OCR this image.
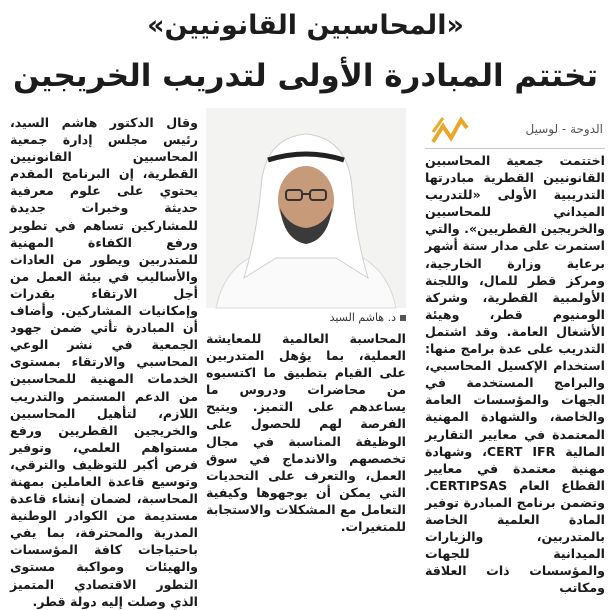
«المحاسبين القانونيين»
تختتم المبادرة الأولى لتدريب الخريجين
الدوحة - لوسيل

اختتمت جمعية المحاسبين القانونيين القطرية مبادرتها التدريبية الأولى «للتدريب الميداني للمحاسبين والخريجين القطريين». والتي استمرت على مدار ستة أشهر برعاية وزارة الخارجية، ومركز قطر للمال، واللجنة الأولمبية القطرية، وشركة الومنيوم قطر، وهيئة الأشغال العامة. وقد اشتمل التدريب على عدة برامج منها: استخدام الإكسيل المحاسبي، والبرامج المستخدمة في الجهات والمؤسسات العامة والخاصة، والشهادة المهنية المعتمدة في معايير التقارير المالية CERT IFR، وشهادة مهنية معتمدة في معايير القطاع العام CERTIPSAS. وتضمن برنامج المبادرة توفير المادة العلمية الخاصة بالمتدربين، والزيارات الميدانية للجهات والمؤسسات ذات العلاقة ومكاتب

د. هاشم السيد

المحاسبة العالمية للمعايشة العملية، بما يؤهل المتدربين على القيام بتطبيق ما اكتسبوه من محاضرات ودروس ما يساعدهم على التميز. ويتيح الفرصة لهم للحصول على الوظيفة المناسبة في مجال تخصصهم والاندماج في سوق العمل، والتعرف على التحديات التي يمكن أن يوجهوها وكيفية التعامل مع المشكلات والاستجابة للمتغيرات.

وقال الدكتور هاشم السيد، رئيس مجلس إدارة جمعية المحاسبين القانونيين القطرية، إن البرنامج المقدم يحتوي على علوم معرفية حديثة وخبرات جديدة للمشاركين تساهم في تطوير ورفع الكفاءة المهنية للمتدربين ويطور من العادات والأساليب في بيئة العمل من أجل الارتقاء بقدرات وإمكانيات المشاركين. وأضاف أن المبادرة تأتي ضمن جهود الجمعية في نشر الوعي المحاسبي والارتقاء بمستوى الخدمات المهنية للمحاسبين من الدعم المستمر والتدريب اللازم، لتأهيل المحاسبين والخريجين القطريين ورفع مستواهم العلمي، وتوفير فرص أكبر للتوظيف والترقي، وتوسيع قاعدة العاملين بمهنة المحاسبة، لضمان إنشاء قاعدة مستديمة من الكوادر الوطنية المدربة والمحترفة، بما يفي باحتياجات كافة المؤسسات والهيئات ومواكبة مستوى التطور الاقتصادي المتميز الذي وصلت إليه دولة قطر.
